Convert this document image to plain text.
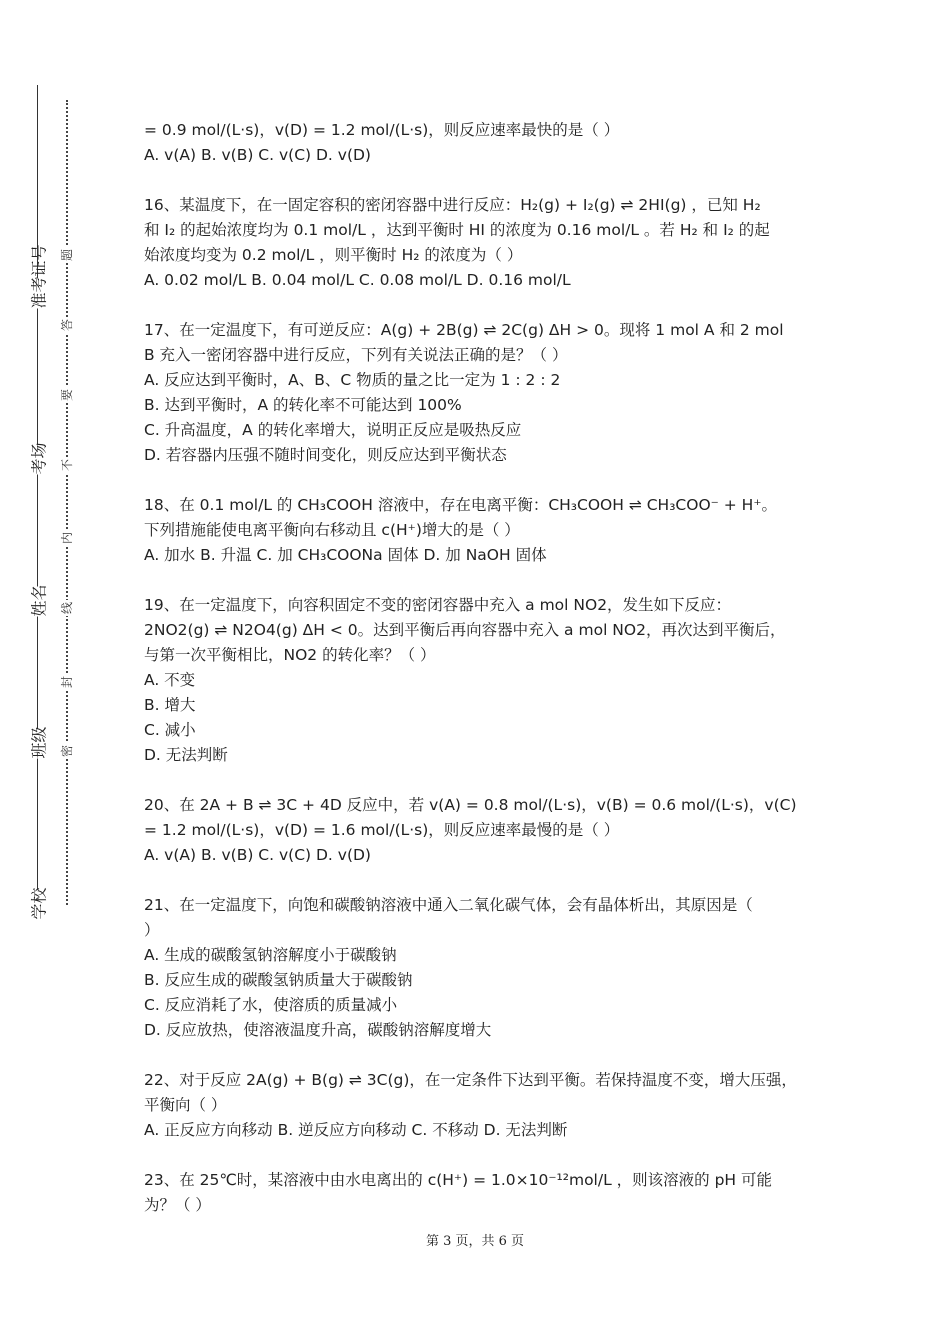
准考证号
考场
姓名
班级
学校
题
答
要
不
内
线
封
密

= 0.9 mol/(L·s)，v(D) = 1.2 mol/(L·s)，则反应速率最快的是（ ）

A. v(A) B. v(B) C. v(C) D. v(D)

16、某温度下，在一固定容积的密闭容器中进行反应：H₂(g) + I₂(g) ⇌ 2HI(g) ，已知 H₂

和 I₂ 的起始浓度均为 0.1 mol/L ，达到平衡时 HI 的浓度为 0.16 mol/L 。若 H₂ 和 I₂ 的起

始浓度均变为 0.2 mol/L ，则平衡时 H₂ 的浓度为（ ）

A. 0.02 mol/L B. 0.04 mol/L C. 0.08 mol/L D. 0.16 mol/L

17、在一定温度下，有可逆反应：A(g) + 2B(g) ⇌ 2C(g) ΔH > 0。现将 1 mol A 和 2 mol

B 充入一密闭容器中进行反应，下列有关说法正确的是？（ ）

A. 反应达到平衡时，A、B、C 物质的量之比一定为 1 : 2 : 2

B. 达到平衡时，A 的转化率不可能达到 100%

C. 升高温度，A 的转化率增大，说明正反应是吸热反应

D. 若容器内压强不随时间变化，则反应达到平衡状态

18、在 0.1 mol/L 的 CH₃COOH 溶液中，存在电离平衡：CH₃COOH ⇌ CH₃COO⁻ + H⁺。

下列措施能使电离平衡向右移动且 c(H⁺)增大的是（ ）

A. 加水 B. 升温 C. 加 CH₃COONa 固体 D. 加 NaOH 固体

19、在一定温度下，向容积固定不变的密闭容器中充入 a mol NO2，发生如下反应：

2NO2(g) ⇌ N2O4(g) ΔH < 0。达到平衡后再向容器中充入 a mol NO2，再次达到平衡后，

与第一次平衡相比，NO2 的转化率？（ ）

A. 不变

B. 增大

C. 减小

D. 无法判断

20、在 2A + B ⇌ 3C + 4D 反应中，若 v(A) = 0.8 mol/(L·s)，v(B) = 0.6 mol/(L·s)，v(C)

= 1.2 mol/(L·s)，v(D) = 1.6 mol/(L·s)，则反应速率最慢的是（ ）

A. v(A) B. v(B) C. v(C) D. v(D)

21、在一定温度下，向饱和碳酸钠溶液中通入二氧化碳气体，会有晶体析出，其原因是（

）

A. 生成的碳酸氢钠溶解度小于碳酸钠

B. 反应生成的碳酸氢钠质量大于碳酸钠

C. 反应消耗了水，使溶质的质量减小

D. 反应放热，使溶液温度升高，碳酸钠溶解度增大

22、对于反应 2A(g) + B(g) ⇌ 3C(g)，在一定条件下达到平衡。若保持温度不变，增大压强，

平衡向（ ）

A. 正反应方向移动 B. 逆反应方向移动 C. 不移动 D. 无法判断

23、在 25℃时，某溶液中由水电离出的 c(H⁺) = 1.0×10⁻¹²mol/L ，则该溶液的 pH 可能

为？（ ）

第 3 页，共 6 页
